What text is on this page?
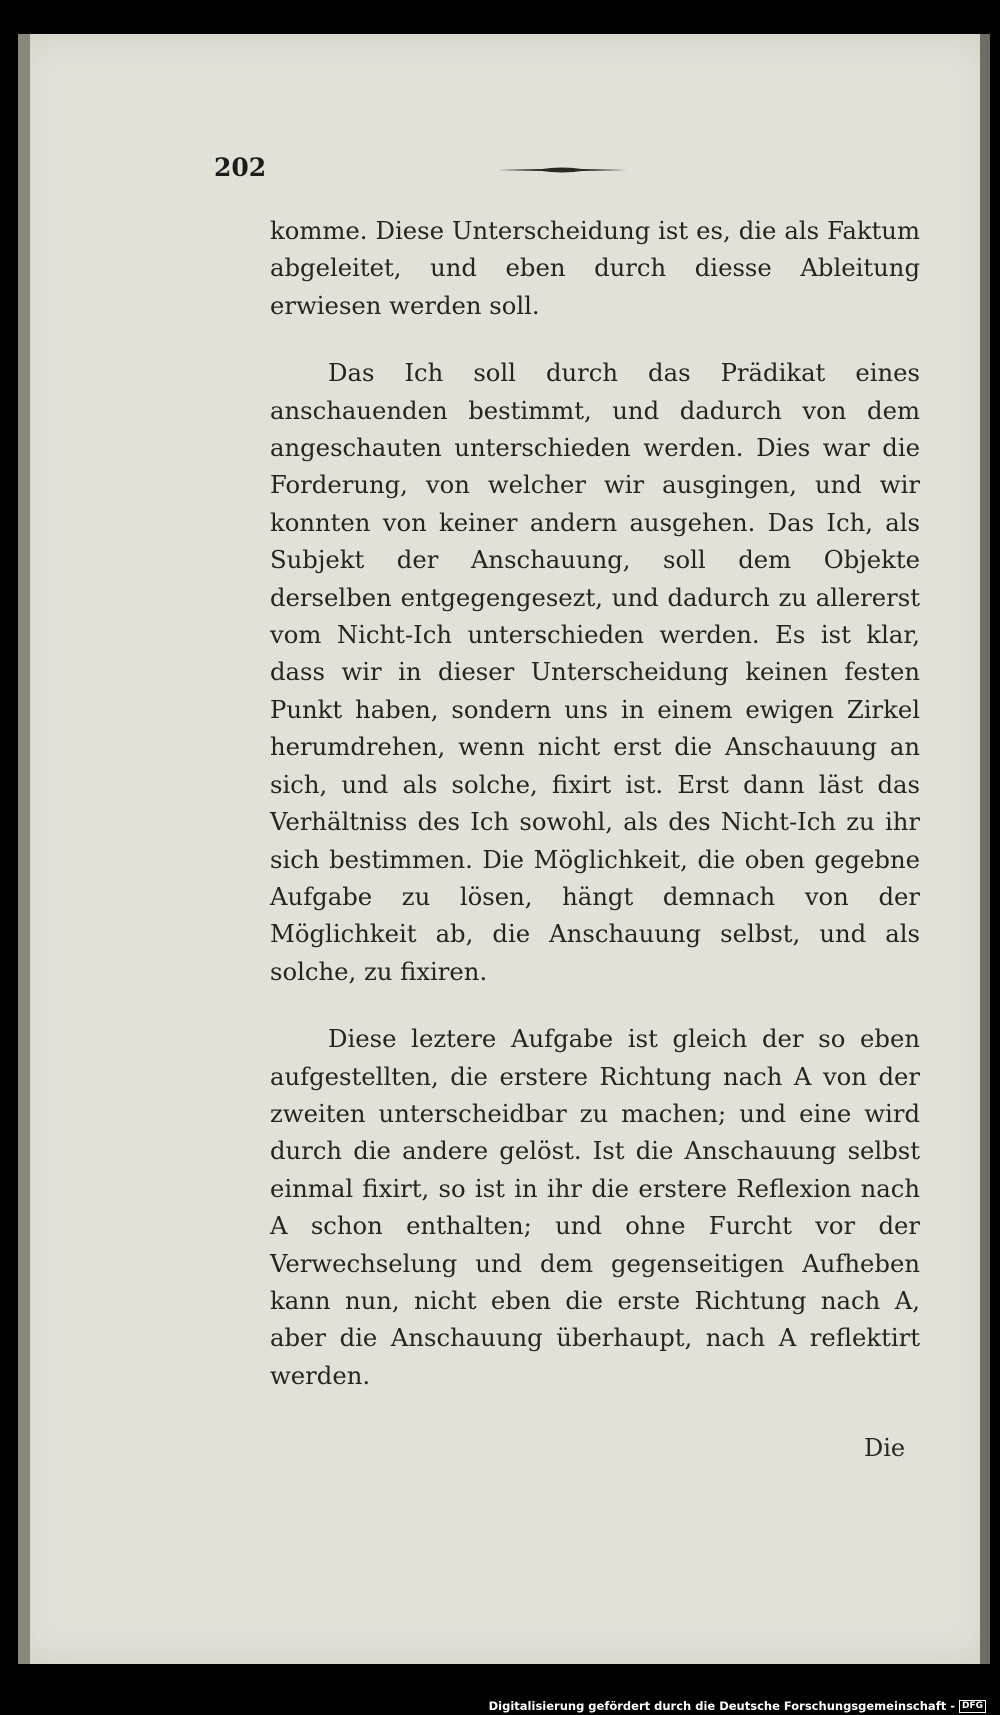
202

komme. Diese Unterscheidung ist es, die als Faktum abgeleitet, und eben durch diesse Ableitung erwiesen werden soll.

Das Ich soll durch das Prädikat eines anschauenden bestimmt, und dadurch von dem angeschauten unterschieden werden. Dies war die Forderung, von welcher wir ausgingen, und wir konnten von keiner andern ausgehen. Das Ich, als Subjekt der Anschauung, soll dem Objekte derselben entgegengesezt, und dadurch zu allererst vom Nicht-Ich unterschieden werden. Es ist klar, dass wir in dieser Unterscheidung keinen festen Punkt haben, sondern uns in einem ewigen Zirkel herumdrehen, wenn nicht erst die Anschauung an sich, und als solche, fixirt ist. Erst dann läst das Verhältniss des Ich sowohl, als des Nicht-Ich zu ihr sich bestimmen. Die Möglichkeit, die oben gegebne Aufgabe zu lösen, hängt demnach von der Möglichkeit ab, die Anschauung selbst, und als solche, zu fixiren.

Diese leztere Aufgabe ist gleich der so eben aufgestellten, die erstere Richtung nach A von der zweiten unterscheidbar zu machen; und eine wird durch die andere gelöst. Ist die Anschauung selbst einmal fixirt, so ist in ihr die erstere Reflexion nach A schon enthalten; und ohne Furcht vor der Verwechselung und dem gegenseitigen Aufheben kann nun, nicht eben die erste Richtung nach A, aber die Anschauung überhaupt, nach A reflektirt werden.

Die
Digitalisierung gefördert durch die Deutsche Forschungsgemeinschaft - DFG
